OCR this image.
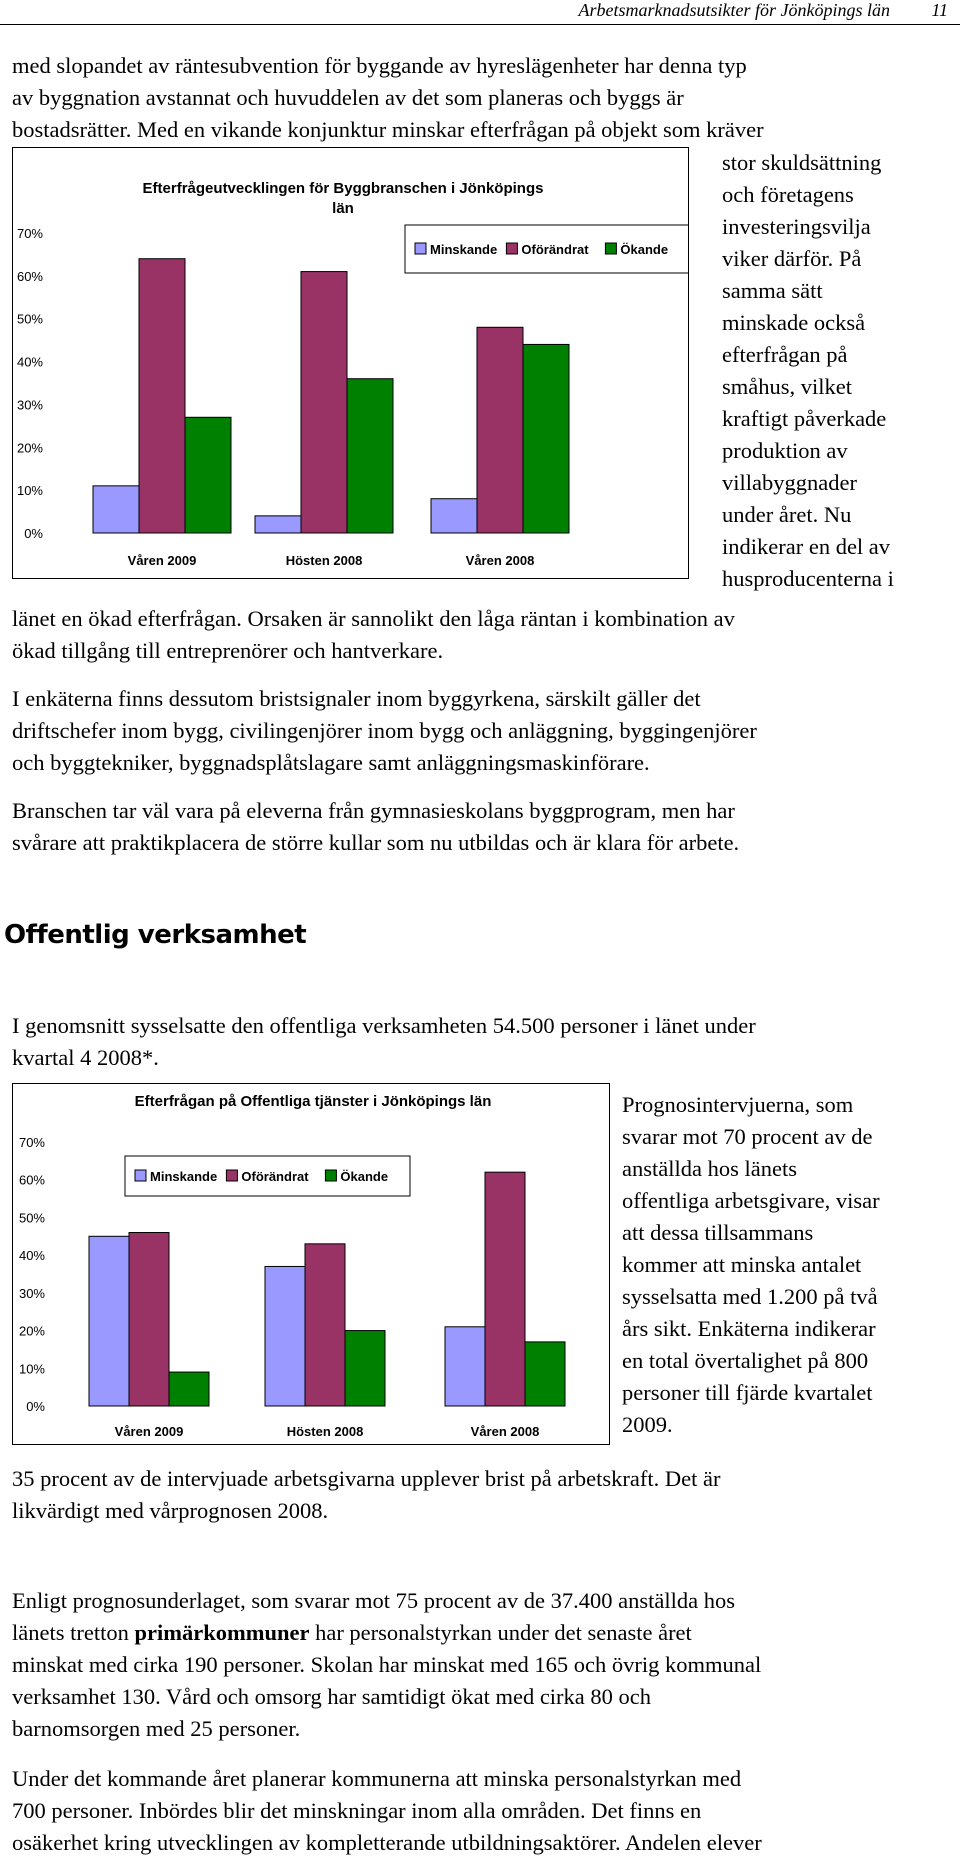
Arbetsmarknadsutsikter för Jönköpings län 11
med slopandet av räntesubvention för byggande av hyreslägenheter har denna typ
av byggnation avstannat och huvuddelen av det som planeras och byggs är
bostadsrätter. Med en vikande konjunktur minskar efterfrågan på objekt som kräver
Efterfrågeutvecklingen för Byggbranschen i Jönköpings
län
0%
10%
20%
30%
40%
50%
60%
70%
Våren 2009	Hösten 2008	Våren 2008
Minskande Oförändrat Ökande
stor skuldsättning
och företagens
investeringsvilja
viker därför. På
samma sätt
minskade också
efterfrågan på
småhus, vilket
kraftigt påverkade
produktion av
villabyggnader
under året. Nu
indikerar en del av
husproducenterna i
länet en ökad efterfrågan. Orsaken är sannolikt den låga räntan i kombination av
ökad tillgång till entreprenörer och hantverkare.
I enkäterna finns dessutom bristsignaler inom byggyrkena, särskilt gäller det
driftschefer inom bygg, civilingenjörer inom bygg och anläggning, byggingenjörer
och byggtekniker, byggnadsplåtslagare samt anläggningsmaskinförare.
Branschen tar väl vara på eleverna från gymnasieskolans byggprogram, men har
svårare att praktikplacera de större kullar som nu utbildas och är klara för arbete.
Offentlig verksamhet
I genomsnitt sysselsatte den offentliga verksamheten 54.500 personer i länet under
kvartal 4 2008*.
Efterfrågan på Offentliga tjänster i Jönköpings län
0%
10%
20%
30%
40%
50%
60%
70%
Våren 2009	Hösten 2008	Våren 2008
Minskande Oförändrat Ökande
Prognosintervjuerna, som
svarar mot 70 procent av de
anställda hos länets
offentliga arbetsgivare, visar
att dessa tillsammans
kommer att minska antalet
sysselsatta med 1.200 på två
års sikt. Enkäterna indikerar
en total övertalighet på 800
personer till fjärde kvartalet
2009.
35 procent av de intervjuade arbetsgivarna upplever brist på arbetskraft. Det är
likvärdigt med vårprognosen 2008.
Enligt prognosunderlaget, som svarar mot 75 procent av de 37.400 anställda hos
länets tretton primärkommuner har personalstyrkan under det senaste året
minskat med cirka 190 personer. Skolan har minskat med 165 och övrig kommunal
verksamhet 130. Vård och omsorg har samtidigt ökat med cirka 80 och
barnomsorgen med 25 personer.
Under det kommande året planerar kommunerna att minska personalstyrkan med
700 personer. Inbördes blir det minskningar inom alla områden. Det finns en
osäkerhet kring utvecklingen av kompletterande utbildningsaktörer. Andelen elever
